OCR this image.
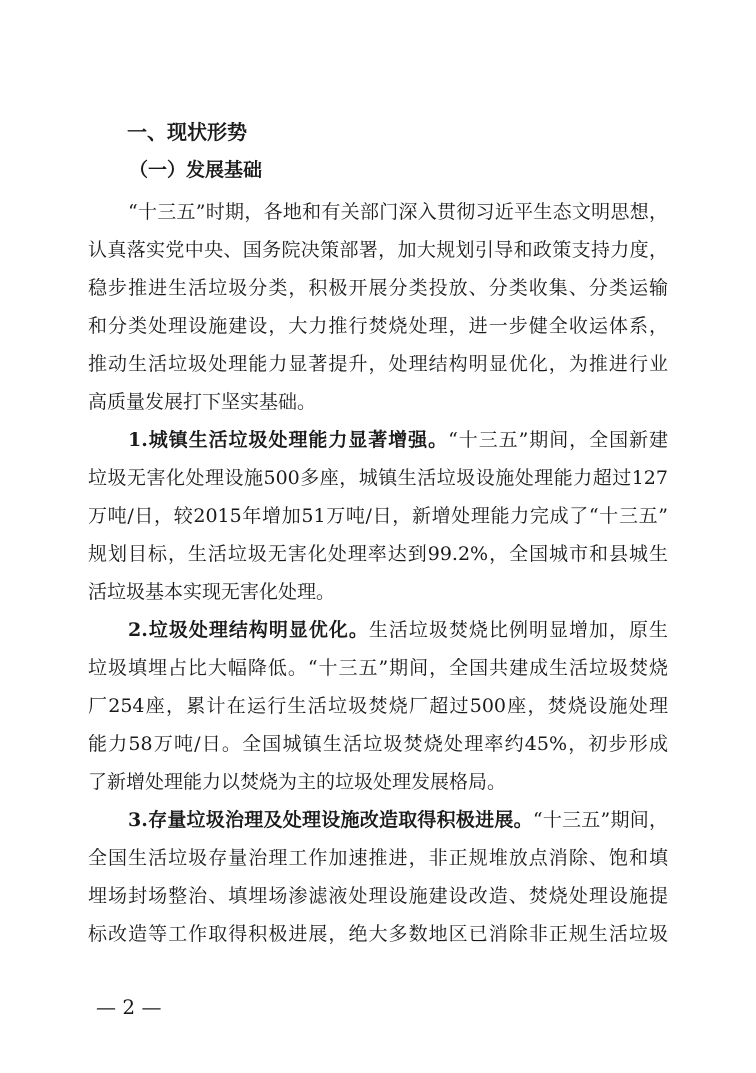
一、现状形势
（一）发展基础
“十三五”时期，各地和有关部门深入贯彻习近平生态文明思想，
认真落实党中央、国务院决策部署，加大规划引导和政策支持力度，
稳步推进生活垃圾分类，积极开展分类投放、分类收集、分类运输
和分类处理设施建设，大力推行焚烧处理，进一步健全收运体系，
推动生活垃圾处理能力显著提升，处理结构明显优化，为推进行业
高质量发展打下坚实基础。
1.城镇生活垃圾处理能力显著增强。“十三五”期间，全国新建
垃圾无害化处理设施500多座，城镇生活垃圾设施处理能力超过127
万吨/日，较2015年增加51万吨/日，新增处理能力完成了“十三五”
规划目标，生活垃圾无害化处理率达到99.2%，全国城市和县城生
活垃圾基本实现无害化处理。
2.垃圾处理结构明显优化。生活垃圾焚烧比例明显增加，原生
垃圾填埋占比大幅降低。“十三五”期间，全国共建成生活垃圾焚烧
厂254座，累计在运行生活垃圾焚烧厂超过500座，焚烧设施处理
能力58万吨/日。全国城镇生活垃圾焚烧处理率约45%，初步形成
了新增处理能力以焚烧为主的垃圾处理发展格局。
3.存量垃圾治理及处理设施改造取得积极进展。“十三五”期间，
全国生活垃圾存量治理工作加速推进，非正规堆放点消除、饱和填
埋场封场整治、填埋场渗滤液处理设施建设改造、焚烧处理设施提
标改造等工作取得积极进展，绝大多数地区已消除非正规生活垃圾
— 2 —
